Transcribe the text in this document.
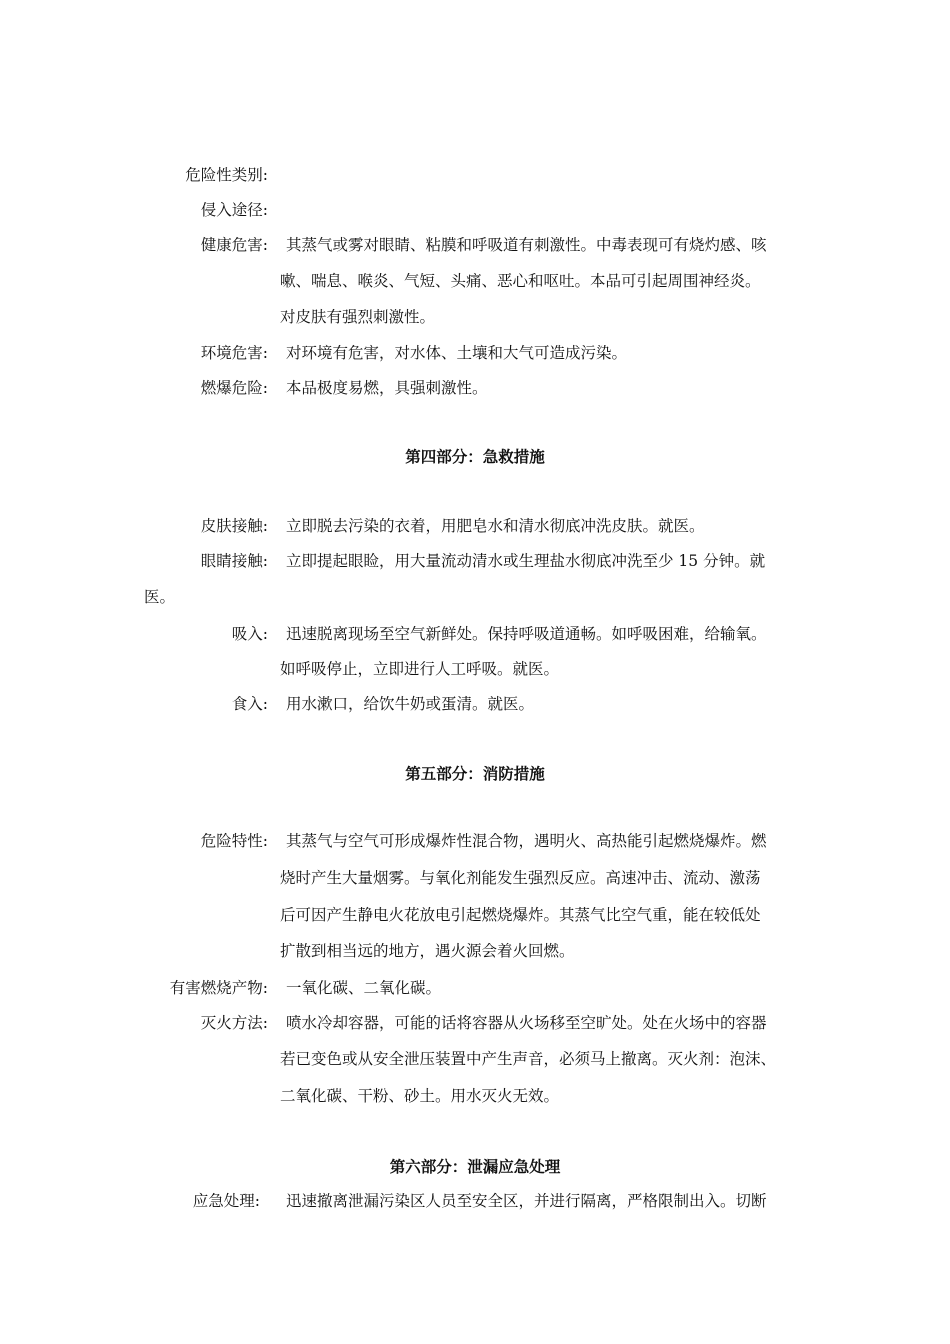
危险性类别:
侵入途径:
健康危害: 其蒸气或雾对眼睛、粘膜和呼吸道有刺激性。中毒表现可有烧灼感、咳
嗽、喘息、喉炎、气短、头痛、恶心和呕吐。本品可引起周围神经炎。
对皮肤有强烈刺激性。
环境危害: 对环境有危害，对水体、土壤和大气可造成污染。
燃爆危险: 本品极度易燃，具强刺激性。
第四部分：急救措施
皮肤接触: 立即脱去污染的衣着，用肥皂水和清水彻底冲洗皮肤。就医。
眼睛接触: 立即提起眼睑，用大量流动清水或生理盐水彻底冲洗至少 15 分钟。就
医。
吸入: 迅速脱离现场至空气新鲜处。保持呼吸道通畅。如呼吸困难，给输氧。
如呼吸停止，立即进行人工呼吸。就医。
食入: 用水漱口，给饮牛奶或蛋清。就医。
第五部分：消防措施
危险特性: 其蒸气与空气可形成爆炸性混合物，遇明火、高热能引起燃烧爆炸。燃
烧时产生大量烟雾。与氧化剂能发生强烈反应。高速冲击、流动、激荡
后可因产生静电火花放电引起燃烧爆炸。其蒸气比空气重，能在较低处
扩散到相当远的地方，遇火源会着火回燃。
有害燃烧产物: 一氧化碳、二氧化碳。
灭火方法: 喷水冷却容器，可能的话将容器从火场移至空旷处。处在火场中的容器
若已变色或从安全泄压装置中产生声音，必须马上撤离。灭火剂：泡沫、
二氧化碳、干粉、砂土。用水灭火无效。
第六部分：泄漏应急处理
应急处理: 迅速撤离泄漏污染区人员至安全区，并进行隔离，严格限制出入。切断
